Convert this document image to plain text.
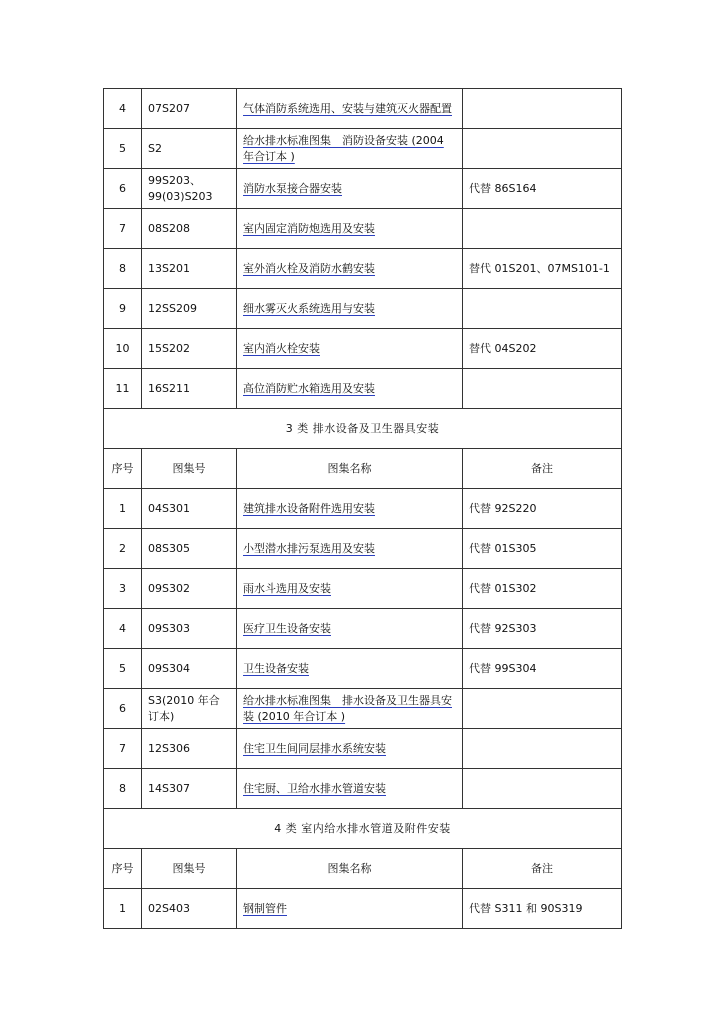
4	07S207	气体消防系统选用、安装与建筑灭火器配置	
5	S2	给水排水标准图集　消防设备安装 (2004 年合订本 )	
6	99S203、99(03)S203	消防水泵接合器安装	代替 86S164
7	08S208	室内固定消防炮选用及安装	
8	13S201	室外消火栓及消防水鹤安装	替代 01S201、07MS101-1
9	12SS209	细水雾灭火系统选用与安装	
10	15S202	室内消火栓安装	替代 04S202
11	16S211	高位消防贮水箱选用及安装	
3 类 排水设备及卫生器具安装			
序号	图集号	图集名称	备注
1	04S301	建筑排水设备附件选用安装	代替 92S220
2	08S305	小型潜水排污泵选用及安装	代替 01S305
3	09S302	雨水斗选用及安装	代替 01S302
4	09S303	医疗卫生设备安装	代替 92S303
5	09S304	卫生设备安装	代替 99S304
6	S3(2010 年合订本)	给水排水标准图集　排水设备及卫生器具安装 (2010 年合订本 )	
7	12S306	住宅卫生间同层排水系统安装	
8	14S307	住宅厨、卫给水排水管道安装	
4 类 室内给水排水管道及附件安装			
序号	图集号	图集名称	备注
1	02S403	钢制管件	代替 S311 和 90S319
